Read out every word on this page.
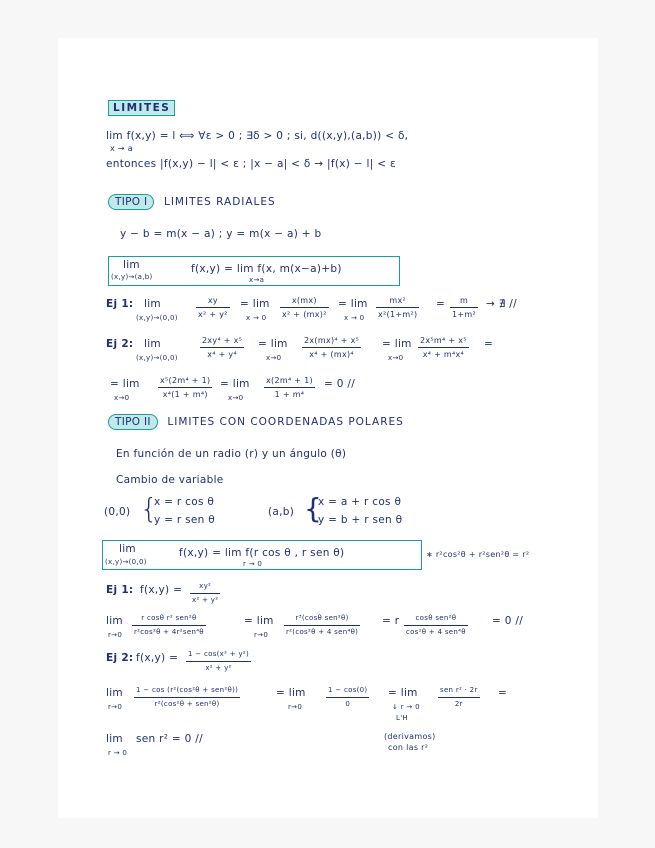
LIMITES
lim f(x,y) = l ⟺ ∀ε > 0 ; ∃δ > 0 ; si, d((x,y),(a,b)) < δ,
x → a
entonces |f(x,y) − l| < ε ; |x − a| < δ → |f(x) − l| < ε
TIPO I LIMITES RADIALES
y − b = m(x − a) ; y = m(x − a) + b
lim
(x,y)→(a,b)
f(x,y) = lim f(x, m(x−a)+b)
x→a
Ej 1: lim
$(x,y)\to(0,0) \frac{xy}{\text{x² + y²}} = \lim$
$x \to 0 \frac{x(mx)}{\text{x² + (mx)²}} = \lim$
$x \to 0 \frac{\text{mx²}}{\text{x²(1+m²)}} = \frac{m}{\text{1+m²}}$ → ∄ //
Ej 2: lim
(x,y)→(0,0)	$\frac{\text{2xy⁴ + x⁵}}{\text{x⁴ + y⁴}} = \lim$
x→0	$\frac{\text{2x(mx)⁴ + x⁵}}{\text{x⁴ + (mx)⁴}} = \lim$
$x\to 0 \frac{\text{2x⁵m⁴ + x⁵}}{\text{x⁴ + m⁴x⁴}}$ =
= lim
x→0	$\frac{\text{x⁵(2m⁴ + 1)}}{\text{x⁴(1 + m⁴)}} = \lim$
x→0	$\frac{\text{x(2m⁴ + 1)}}{\text{1 + m⁴}} = 0$ //
TIPO II LIMITES CON COORDENADAS POLARES
En función de un radio (r) y un ángulo (θ)
Cambio de variable
(0,0) {
x = r cos θ
y = r sen θ
(a,b) {
x = a + r cos θ
y = b + r sen θ
lim
(x,y)→(0,0)
f(x,y) = lim f(r cos θ , r sen θ)
r → 0
∗ r²cos²θ + r²sen²θ = r²
Ej 1: $f(x,y) = \frac{\text{xy²}}{\text{x² + y²}}$
lim
r→0
r cosθ r² sen²θ
r²cos²θ + 4r²sen⁴θ
= lim
r→0
r³(cosθ sen²θ)
r²(cos²θ + 4 sen⁴θ)
= r	cosθ sen²θ
cos²θ + 4 sen⁴θ
= 0 //
Ej 2: $f(x,y) = \frac{\text{1 − cos(x² + y²)}}{\text{x² + y²}}$
lim
r→0
1 − cos (r²(cos²θ + sen²θ))
r²(cos²θ + sen²θ)
= lim
r→0	$\frac{1 - \cos(0)}{0} = \lim$
↓ r → 0
L'H
sen r² · 2r
2r
=
lim
r → 0
sen r² = 0 //	(derivamos)
con las r²
